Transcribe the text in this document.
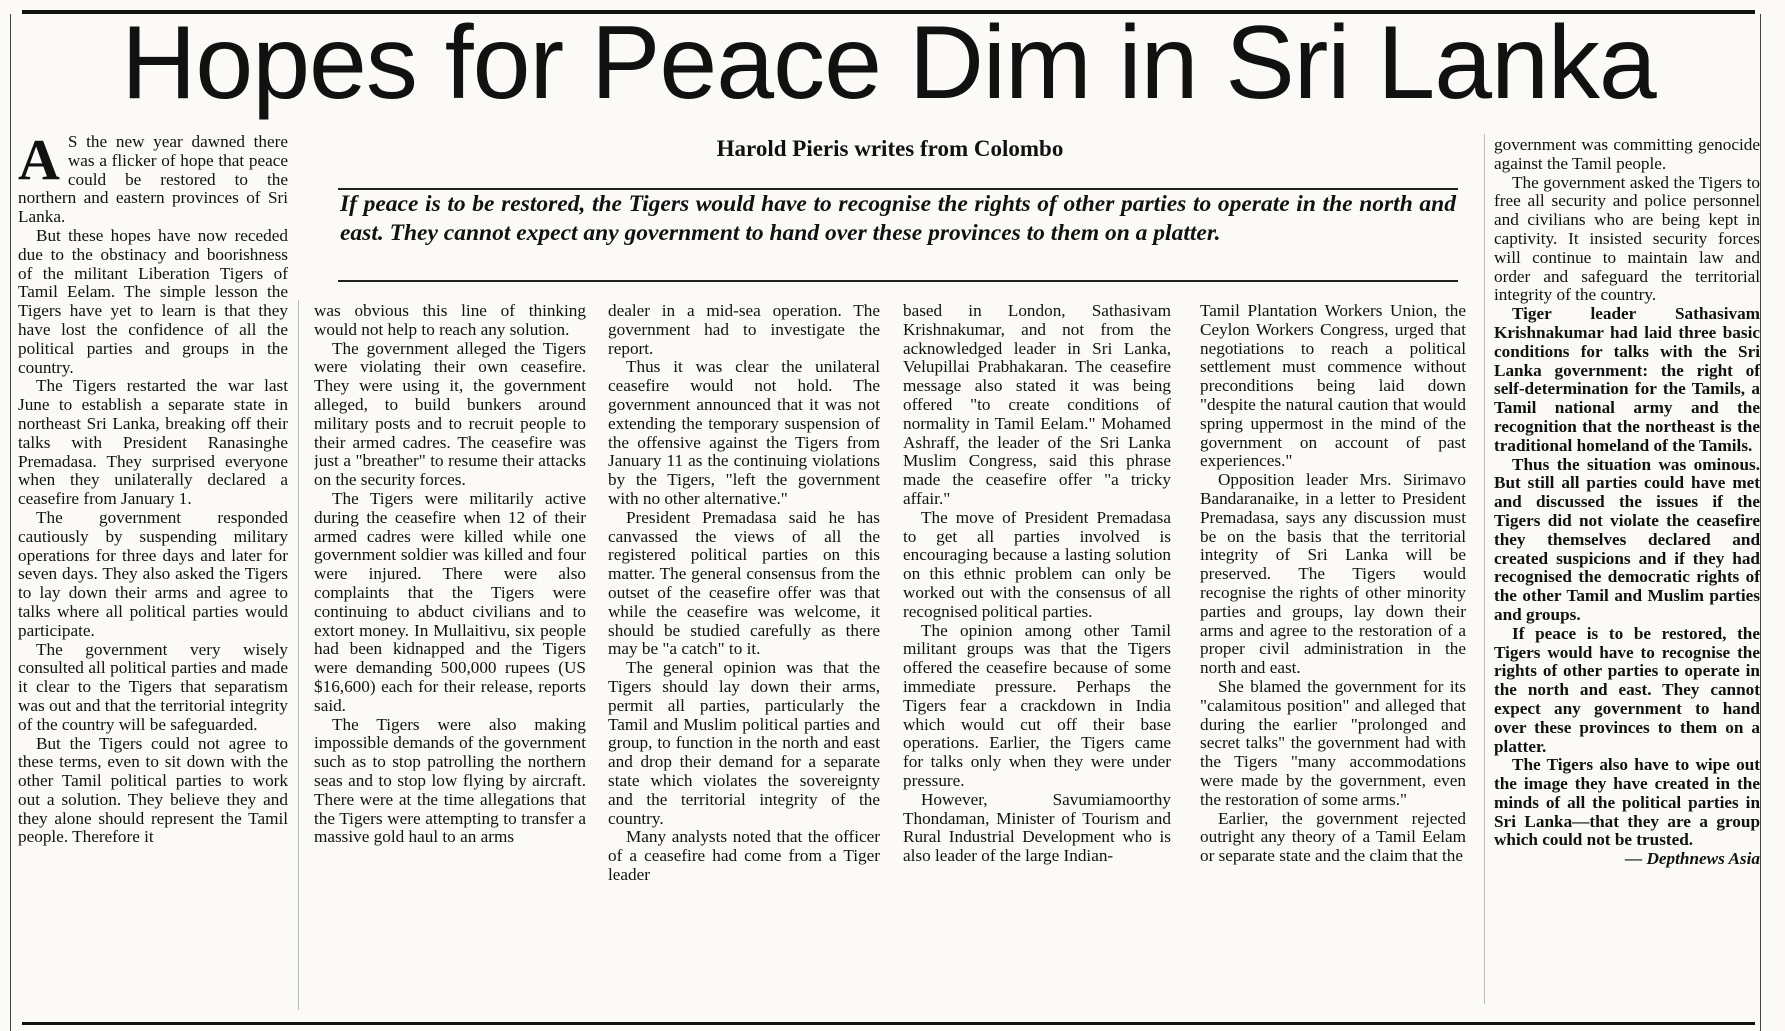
Hopes for Peace Dim in Sri Lanka
A S the new year dawned there was a flicker of hope that peace could be restored to the northern and eastern provinces of Sri Lanka.

But these hopes have now receded due to the obstinacy and boorishness of the militant Liberation Tigers of Tamil Eelam. The simple lesson the Tigers have yet to learn is that they have lost the confidence of all the political parties and groups in the country.

The Tigers restarted the war last June to establish a separate state in northeast Sri Lanka, breaking off their talks with President Ranasinghe Premadasa. They surprised everyone when they unilaterally declared a ceasefire from January 1.

The government responded cautiously by suspending military operations for three days and later for seven days. They also asked the Tigers to lay down their arms and agree to talks where all political parties would participate.

The government very wisely consulted all political parties and made it clear to the Tigers that separatism was out and that the territorial integrity of the country will be safeguarded.

But the Tigers could not agree to these terms, even to sit down with the other Tamil political parties to work out a solution. They believe they and they alone should represent the Tamil people. Therefore it

Harold Pieris writes from Colombo
If peace is to be restored, the Tigers would have to recognise the rights of other parties to operate in the north and east. They cannot expect any government to hand over these provinces to them on a platter.

was obvious this line of thinking would not help to reach any solution.

The government alleged the Tigers were violating their own ceasefire. They were using it, the government alleged, to build bunkers around military posts and to recruit people to their armed cadres. The ceasefire was just a "breather" to resume their attacks on the security forces.

The Tigers were militarily active during the ceasefire when 12 of their armed cadres were killed while one government soldier was killed and four were injured. There were also complaints that the Tigers were continuing to abduct civilians and to extort money. In Mullaitivu, six people had been kidnapped and the Tigers were demanding 500,000 rupees (US $16,600) each for their release, reports said.

The Tigers were also making impossible demands of the government such as to stop patrolling the northern seas and to stop low flying by aircraft. There were at the time allegations that the Tigers were attempting to transfer a massive gold haul to an arms

dealer in a mid-sea operation. The government had to investigate the report.

Thus it was clear the unilateral ceasefire would not hold. The government announced that it was not extending the temporary suspension of the offensive against the Tigers from January 11 as the continuing violations by the Tigers, "left the government with no other alternative."

President Premadasa said he has canvassed the views of all the registered political parties on this matter. The general consensus from the outset of the ceasefire offer was that while the ceasefire was welcome, it should be studied carefully as there may be "a catch" to it.

The general opinion was that the Tigers should lay down their arms, permit all parties, particularly the Tamil and Muslim political parties and group, to function in the north and east and drop their demand for a separate state which violates the sovereignty and the territorial integrity of the country.

Many analysts noted that the officer of a ceasefire had come from a Tiger leader

based in London, Sathasivam Krishnakumar, and not from the acknowledged leader in Sri Lanka, Velupillai Prabhakaran. The ceasefire message also stated it was being offered "to create conditions of normality in Tamil Eelam." Mohamed Ashraff, the leader of the Sri Lanka Muslim Congress, said this phrase made the ceasefire offer "a tricky affair."

The move of President Premadasa to get all parties involved is encouraging because a lasting solution on this ethnic problem can only be worked out with the consensus of all recognised political parties.

The opinion among other Tamil militant groups was that the Tigers offered the ceasefire because of some immediate pressure. Perhaps the Tigers fear a crackdown in India which would cut off their base operations. Earlier, the Tigers came for talks only when they were under pressure.

However, Savumiamoorthy Thondaman, Minister of Tourism and Rural Industrial Development who is also leader of the large Indian-

Tamil Plantation Workers Union, the Ceylon Workers Congress, urged that negotiations to reach a political settlement must commence without preconditions being laid down "despite the natural caution that would spring uppermost in the mind of the government on account of past experiences."

Opposition leader Mrs. Sirimavo Bandaranaike, in a letter to President Premadasa, says any discussion must be on the basis that the territorial integrity of Sri Lanka will be preserved. The Tigers would recognise the rights of other minority parties and groups, lay down their arms and agree to the restoration of a proper civil administration in the north and east.

She blamed the government for its "calamitous position" and alleged that during the earlier "prolonged and secret talks" the government had with the Tigers "many accommodations were made by the government, even the restoration of some arms."

Earlier, the government rejected outright any theory of a Tamil Eelam or separate state and the claim that the

government was committing genocide against the Tamil people.

The government asked the Tigers to free all security and police personnel and civilians who are being kept in captivity. It insisted security forces will continue to maintain law and order and safeguard the territorial integrity of the country.

Tiger leader Sathasivam Krishnakumar had laid three basic conditions for talks with the Sri Lanka government: the right of self-determination for the Tamils, a Tamil national army and the recognition that the northeast is the traditional homeland of the Tamils.

Thus the situation was ominous. But still all parties could have met and discussed the issues if the Tigers did not violate the ceasefire they themselves declared and created suspicions and if they had recognised the democratic rights of the other Tamil and Muslim parties and groups.

If peace is to be restored, the Tigers would have to recognise the rights of other parties to operate in the north and east. They cannot expect any government to hand over these provinces to them on a platter.

The Tigers also have to wipe out the image they have created in the minds of all the political parties in Sri Lanka—that they are a group which could not be trusted.

— Depthnews Asia
